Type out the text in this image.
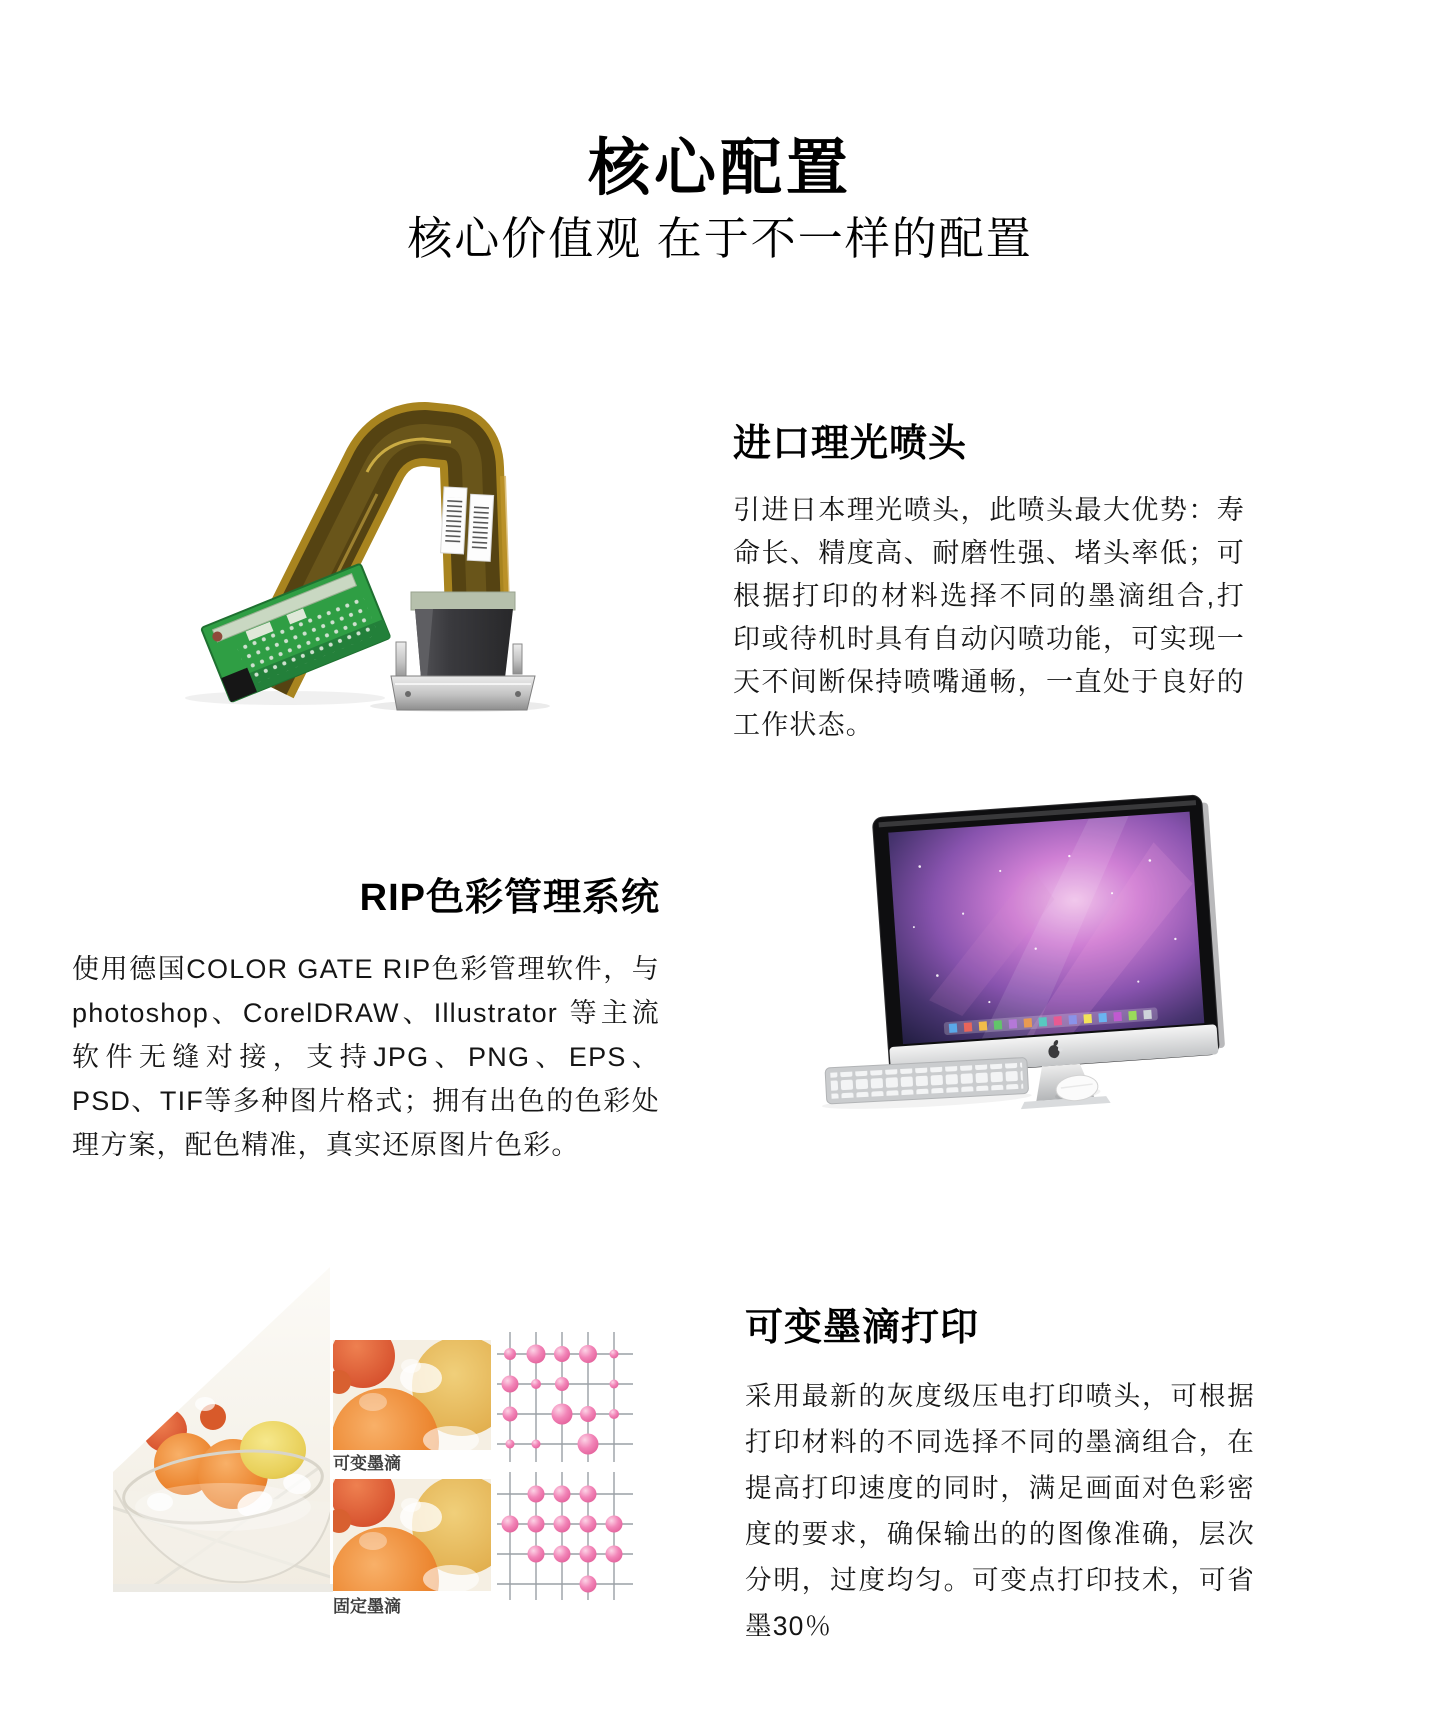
核心配置
核心价值观 在于不一样的配置
进口理光喷头

引进日本理光喷头，此喷头最大优势：寿命长、精度高、耐磨性强、堵头率低；可根据打印的材料选择不同的墨滴组合,打印或待机时具有自动闪喷功能，可实现一天不间断保持喷嘴通畅，一直处于良好的工作状态。

RIP色彩管理系统

使用德国COLOR GATE RIP色彩管理软件，与photoshop、CorelDRAW、Illustrator 等主流软件无缝对接，支持JPG、PNG、EPS、PSD、TIF等多种图片格式；拥有出色的色彩处理方案，配色精准，真实还原图片色彩。

可变墨滴
固定墨滴
可变墨滴打印

采用最新的灰度级压电打印喷头，可根据打印材料的不同选择不同的墨滴组合，在提高打印速度的同时，满足画面对色彩密度的要求，确保输出的的图像准确，层次分明，过度均匀。可变点打印技术，可省墨30％
